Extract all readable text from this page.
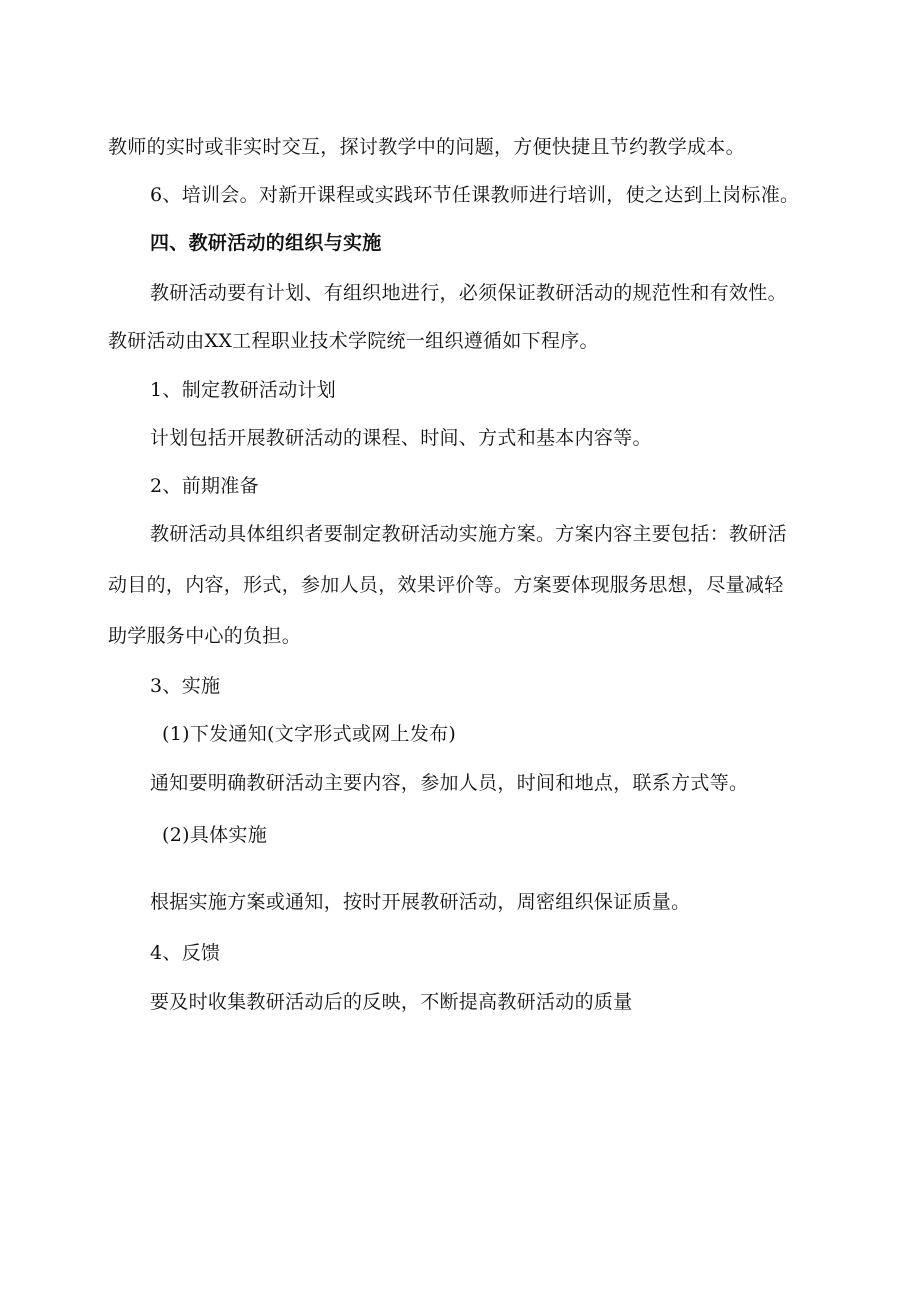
教师的实时或非实时交互，探讨教学中的问题，方便快捷且节约教学成本。
6、培训会。对新开课程或实践环节任课教师进行培训，使之达到上岗标准。
四、教研活动的组织与实施
教研活动要有计划、有组织地进行，必须保证教研活动的规范性和有效性。
教研活动由XX工程职业技术学院统一组织遵循如下程序。
1、制定教研活动计划
计划包括开展教研活动的课程、时间、方式和基本内容等。
2、前期准备
教研活动具体组织者要制定教研活动实施方案。方案内容主要包括：教研活
动目的，内容，形式，参加人员，效果评价等。方案要体现服务思想，尽量减轻
助学服务中心的负担。
3、实施
(1)下发通知(文字形式或网上发布)
通知要明确教研活动主要内容，参加人员，时间和地点，联系方式等。
(2)具体实施
根据实施方案或通知，按时开展教研活动，周密组织保证质量。
4、反馈
要及时收集教研活动后的反映，不断提高教研活动的质量
